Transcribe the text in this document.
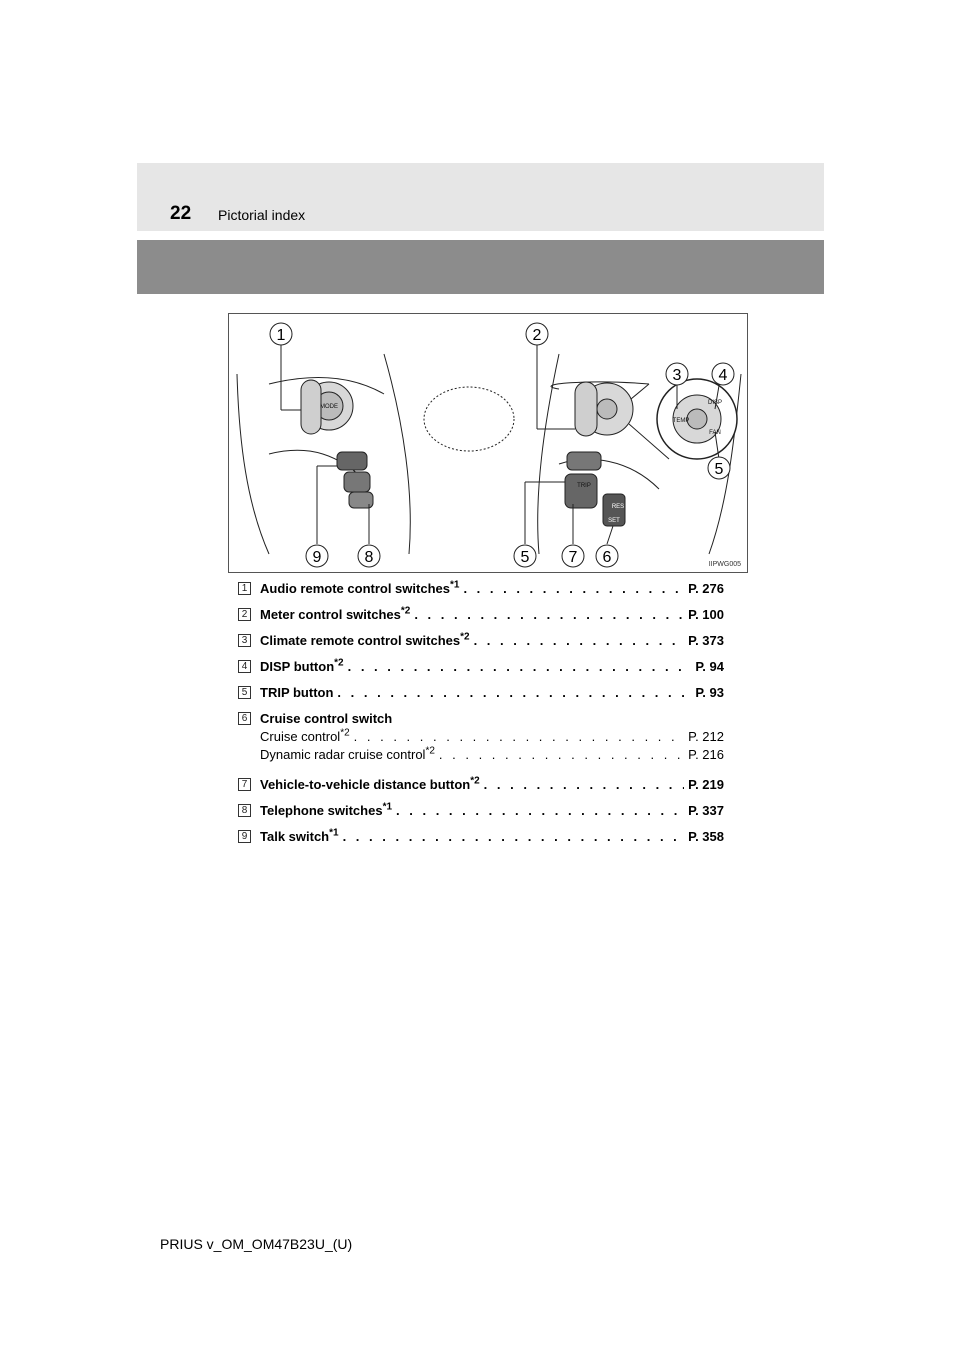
22 Pictorial index
MODE
TRIP
RES
SET
DISP
TEMP
FAN
1	2
3 4
5
9	8	5 7 6	IIPWG005
1 Audio remote control switches$^{*1}$ . . .	P. 276
2 Meter control switches$^{*2}$ . . .	P. 100
3 Climate remote control switches$^{*2}$ . . .	P. 373
4 DISP button$^{*2}$ . . .	P. 94
5 TRIP button . . .	P. 93
6 Cruise control switch
Cruise control$^{*2}$ . . .	P. 212
Dynamic radar cruise control$^{*2}$ . . .	P. 216
7 Vehicle-to-vehicle distance button$^{*2}$ . . .	P. 219
8 Telephone switches$^{*1}$ . . .	P. 337
9 Talk switch$^{*1}$ . . .	P. 358
PRIUS v_OM_OM47B23U_(U)
